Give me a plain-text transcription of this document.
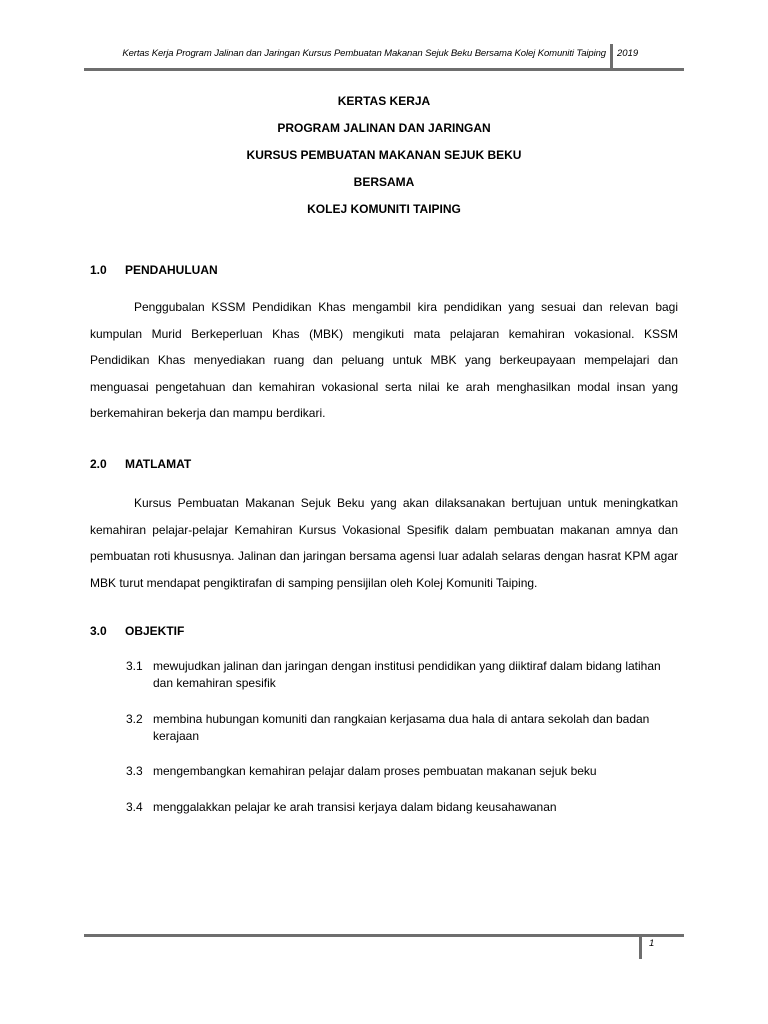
Kertas Kerja Program Jalinan dan Jaringan Kursus Pembuatan Makanan Sejuk Beku Bersama Kolej Komuniti Taiping 2019
KERTAS KERJA
PROGRAM JALINAN DAN JARINGAN
KURSUS PEMBUATAN MAKANAN SEJUK BEKU
BERSAMA
KOLEJ KOMUNITI TAIPING
1.0 PENDAHULUAN

Penggubalan KSSM Pendidikan Khas mengambil kira pendidikan yang sesuai dan relevan bagi kumpulan Murid Berkeperluan Khas (MBK) mengikuti mata pelajaran kemahiran vokasional. KSSM Pendidikan Khas menyediakan ruang dan peluang untuk MBK yang berkeupayaan mempelajari dan menguasai pengetahuan dan kemahiran vokasional serta nilai ke arah menghasilkan modal insan yang berkemahiran bekerja dan mampu berdikari.

2.0 MATLAMAT

Kursus Pembuatan Makanan Sejuk Beku yang akan dilaksanakan bertujuan untuk meningkatkan kemahiran pelajar-pelajar Kemahiran Kursus Vokasional Spesifik dalam pembuatan makanan amnya dan pembuatan roti khususnya. Jalinan dan jaringan bersama agensi luar adalah selaras dengan hasrat KPM agar MBK turut mendapat pengiktirafan di samping pensijilan oleh Kolej Komuniti Taiping.

3.0 OBJEKTIF
3.1 mewujudkan jalinan dan jaringan dengan institusi pendidikan yang diiktiraf dalam bidang latihan dan kemahiran spesifik
3.2 membina hubungan komuniti dan rangkaian kerjasama dua hala di antara sekolah dan badan kerajaan
3.3 mengembangkan kemahiran pelajar dalam proses pembuatan makanan sejuk beku
3.4 menggalakkan pelajar ke arah transisi kerjaya dalam bidang keusahawanan
1
